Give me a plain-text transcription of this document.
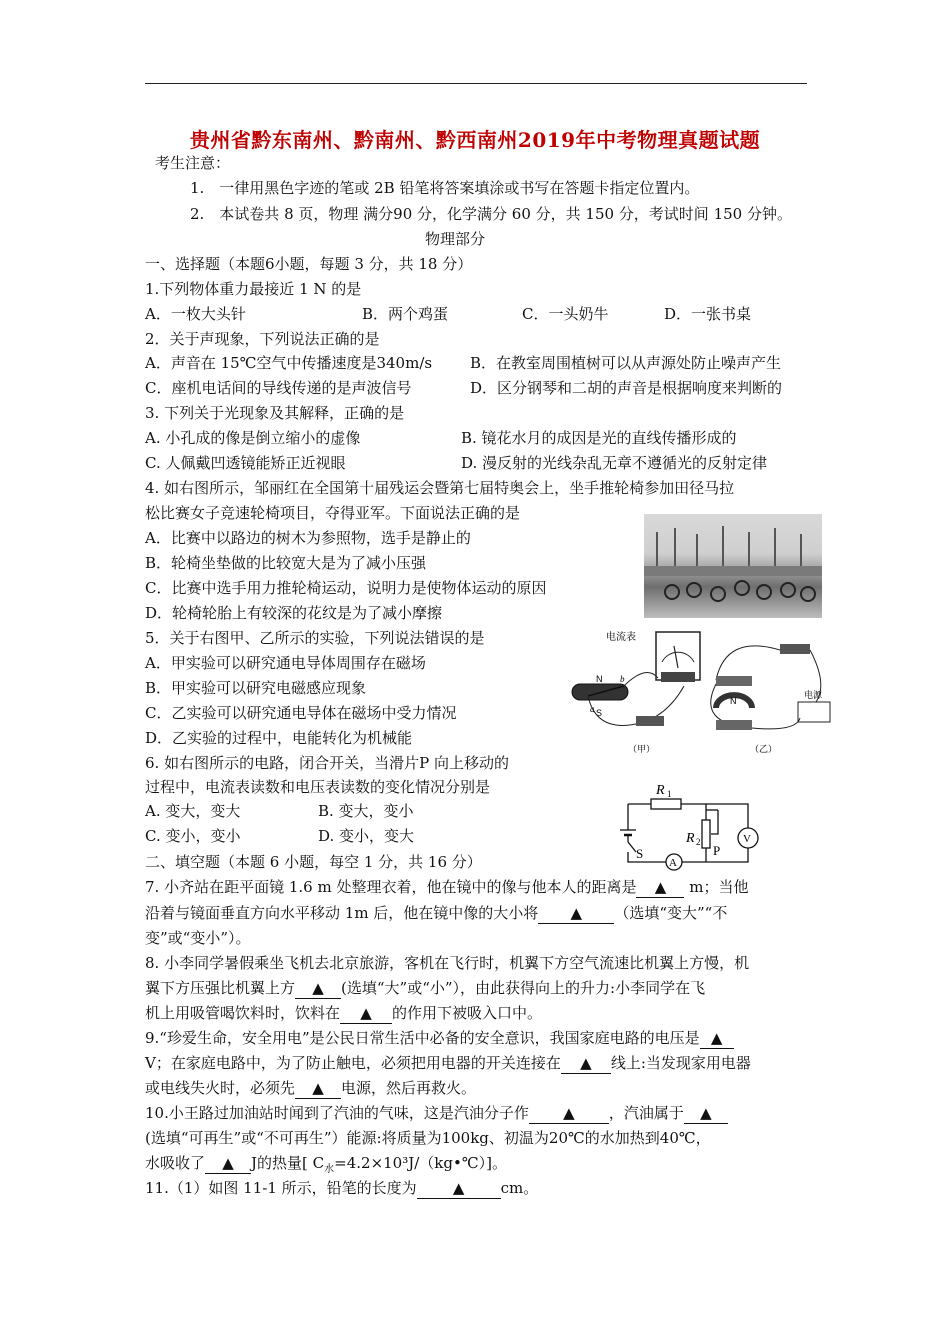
贵州省黔东南州、黔南州、黔西南州2019年中考物理真题试题
考生注意：
1.　一律用黑色字迹的笔或 2B 铅笔将答案填涂或书写在答题卡指定位置内。
2.　本试卷共 8 页，物理 满分90 分，化学满分 60 分，共 150 分，考试时间 150 分钟。
物理部分
一、选择题（本题6小题，每题 3 分，共 18 分）
1.下列物体重力最接近 1 N 的是
A．一枚大头针	B．两个鸡蛋	C．一头奶牛	D．一张书桌
2．关于声现象，下列说法正确的是
A．声音在 15℃空气中传播速度是340m/s	B．在教室周围植树可以从声源处防止噪声产生
C．座机电话间的导线传递的是声波信号	D．区分钢琴和二胡的声音是根据响度来判断的
3. 下列关于光现象及其解释，正确的是
A. 小孔成的像是倒立缩小的虚像	B. 镜花水月的成因是光的直线传播形成的
C. 人佩戴凹透镜能矫正近视眼	D. 漫反射的光线杂乱无章不遵循光的反射定律
4. 如右图所示，邹丽红在全国第十届残运会暨第七届特奥会上，坐手推轮椅参加田径马拉
松比赛女子竞速轮椅项目，夺得亚军。下面说法正确的是
A．比赛中以路边的树木为参照物，选手是静止的
B．轮椅坐垫做的比较宽大是为了减小压强
C．比赛中选手用力推轮椅运动，说明力是使物体运动的原因
D．轮椅轮胎上有较深的花纹是为了减小摩擦
5．关于右图甲、乙所示的实验，下列说法错误的是
A．甲实验可以研究通电导体周围存在磁场
B．甲实验可以研究电磁感应现象
C．乙实验可以研究通电导体在磁场中受力情况
D．乙实验的过程中，电能转化为机械能
电流表
N
S
b
a
（甲）
N
电源
（乙）
6. 如右图所示的电路，闭合开关，当滑片P 向上移动的
过程中，电流表读数和电压表读数的变化情况分别是
A. 变大，变大	B. 变大，变小
C. 变小，变小	D. 变小，变大
R 1
R 2
P
S
A
V
二、填空题（本题 6 小题，每空 1 分，共 16 分）
7. 小齐站在距平面镜 1.6 m 处整理衣着，他在镜中的像与他本人的距离是 ▲ m；当他
沿着与镜面垂直方向水平移动 1m 后，他在镜中像的大小将 ▲ （选填“变大”“不
变”或“变小”）。
8. 小李同学暑假乘坐飞机去北京旅游，客机在飞行时，机翼下方空气流速比机翼上方慢，机
翼下方压强比机翼上方 ▲ (选填“大”或“小”），由此获得向上的升力:小李同学在飞
机上用吸管喝饮料时，饮料在 ▲ 的作用下被吸入口中。
9.“珍爱生命，安全用电”是公民日常生活中必备的安全意识，我国家庭电路的电压是 ▲
V；在家庭电路中，为了防止触电，必须把用电器的开关连接在 ▲ 线上:当发现家用电器
或电线失火时，必须先 ▲ 电源，然后再救火。
10.小王路过加油站时闻到了汽油的气味，这是汽油分子作 ▲ ，汽油属于 ▲
(选填“可再生”或“不可再生”）能源:将质量为100kg、初温为20℃的水加热到40℃，
水吸收了 ▲ J的热量[ $C_水=4.2\times 10^3J/(kg•℃)$]。
11.（1）如图 11-1 所示，铅笔的长度为 ▲ cm。
